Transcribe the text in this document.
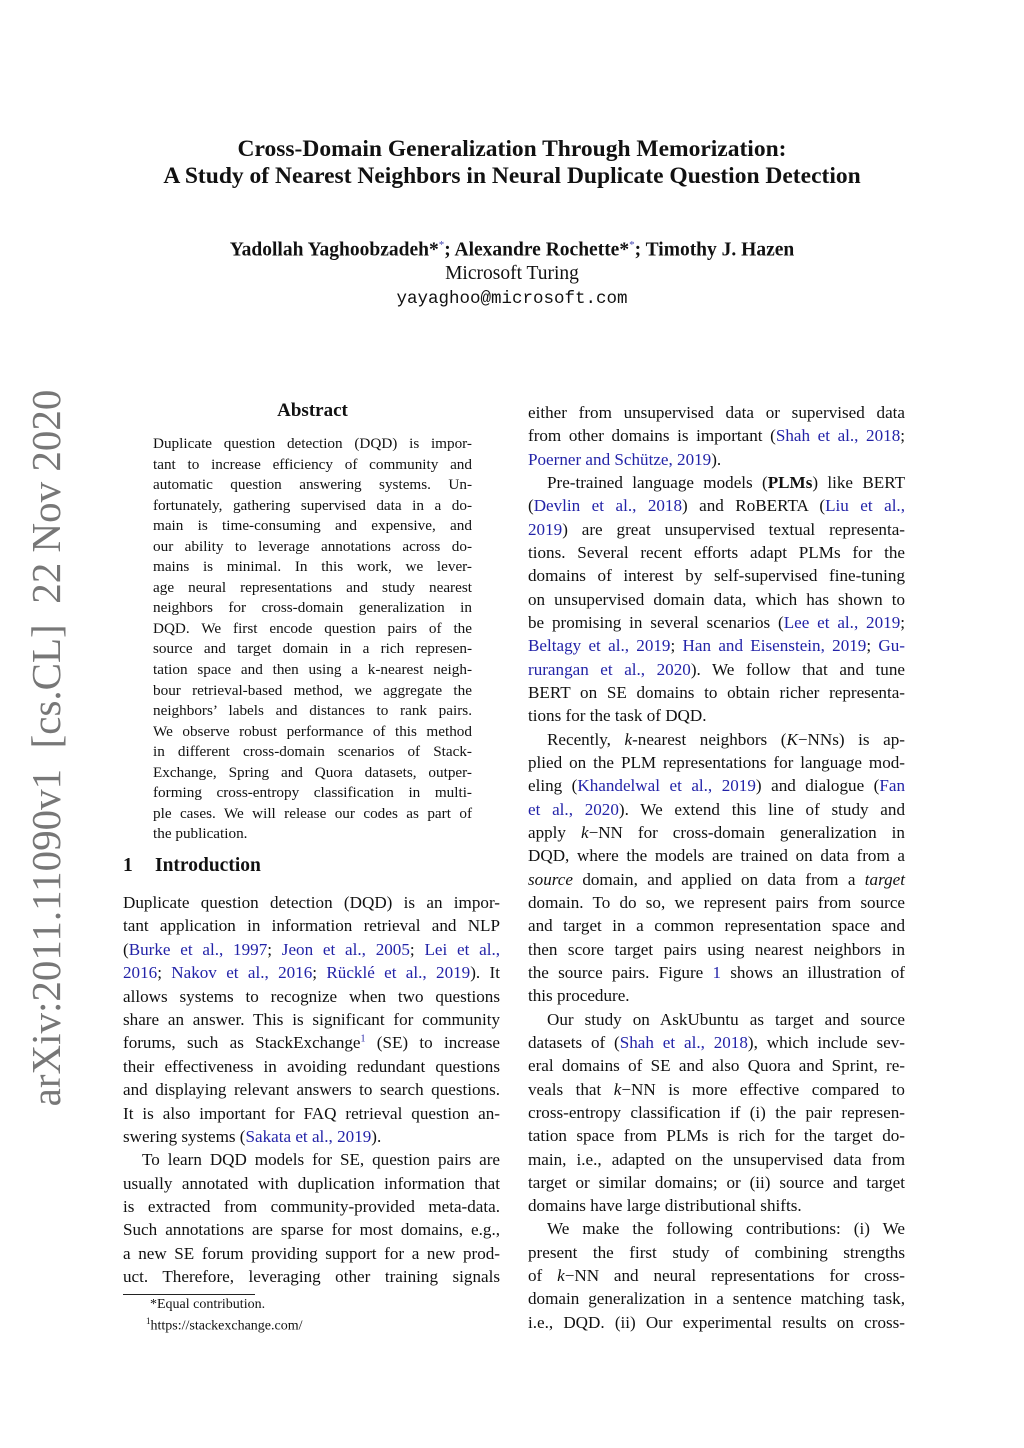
arXiv:2011.11090v1  [cs.CL]  22 Nov 2020
Cross-Domain Generalization Through Memorization:
A Study of Nearest Neighbors in Neural Duplicate Question Detection
Yadollah Yaghoobzadeh**; Alexandre Rochette**; Timothy J. Hazen
Microsoft Turing
yayaghoo@microsoft.com
Abstract
Duplicate question detection (DQD) is impor-
tant to increase efficiency of community and
automatic question answering systems. Un-
fortunately, gathering supervised data in a do-
main is time-consuming and expensive, and
our ability to leverage annotations across do-
mains is minimal. In this work, we lever-
age neural representations and study nearest
neighbors for cross-domain generalization in
DQD. We first encode question pairs of the
source and target domain in a rich represen-
tation space and then using a k-nearest neigh-
bour retrieval-based method, we aggregate the
neighbors’ labels and distances to rank pairs.
We observe robust performance of this method
in different cross-domain scenarios of Stack-
Exchange, Spring and Quora datasets, outper-
forming cross-entropy classification in multi-
ple cases. We will release our codes as part of
the publication.
1 Introduction
Duplicate question detection (DQD) is an impor-
tant application in information retrieval and NLP
(Burke et al., 1997; Jeon et al., 2005; Lei et al.,
2016; Nakov et al., 2016; Rücklé et al., 2019). It
allows systems to recognize when two questions
share an answer. This is significant for community
forums, such as StackExchange$^1$ (SE) to increase
their effectiveness in avoiding redundant questions
and displaying relevant answers to search questions.
It is also important for FAQ retrieval question an-
swering systems (Sakata et al., 2019).
To learn DQD models for SE, question pairs are
usually annotated with duplication information that
is extracted from community-provided meta-data.
Such annotations are sparse for most domains, e.g.,
a new SE forum providing support for a new prod-
uct. Therefore, leveraging other training signals
either from unsupervised data or supervised data
from other domains is important (Shah et al., 2018;
Poerner and Schütze, 2019).
Pre-trained language models (PLMs) like BERT
(Devlin et al., 2018) and RoBERTA (Liu et al.,
2019) are great unsupervised textual representa-
tions. Several recent efforts adapt PLMs for the
domains of interest by self-supervised fine-tuning
on unsupervised domain data, which has shown to
be promising in several scenarios (Lee et al., 2019;
Beltagy et al., 2019; Han and Eisenstein, 2019; Gu-
rurangan et al., 2020). We follow that and tune
BERT on SE domains to obtain richer representa-
tions for the task of DQD.
Recently, k-nearest neighbors (K−NNs) is ap-
plied on the PLM representations for language mod-
eling (Khandelwal et al., 2019) and dialogue (Fan
et al., 2020). We extend this line of study and
apply k−NN for cross-domain generalization in
DQD, where the models are trained on data from a
source domain, and applied on data from a target
domain. To do so, we represent pairs from source
and target in a common representation space and
then score target pairs using nearest neighbors in
the source pairs. Figure 1 shows an illustration of
this procedure.
Our study on AskUbuntu as target and source
datasets of (Shah et al., 2018), which include sev-
eral domains of SE and also Quora and Sprint, re-
veals that k−NN is more effective compared to
cross-entropy classification if (i) the pair represen-
tation space from PLMs is rich for the target do-
main, i.e., adapted on the unsupervised data from
target or similar domains; or (ii) source and target
domains have large distributional shifts.
We make the following contributions: (i) We
present the first study of combining strengths
of k−NN and neural representations for cross-
domain generalization in a sentence matching task,
i.e., DQD. (ii) Our experimental results on cross-
*Equal contribution.
$^1$https://stackexchange.com/
